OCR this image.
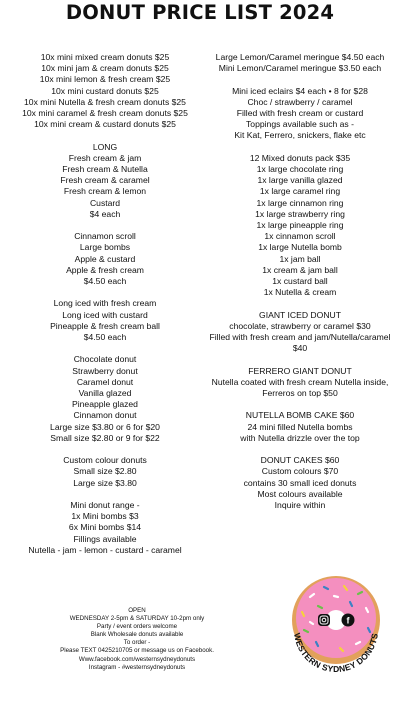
DONUT PRICE LIST 2024
10x mini mixed cream donuts $25
10x mini jam & cream donuts $25
10x mini lemon & fresh cream $25
10x mini custard donuts $25
10x mini Nutella & fresh cream donuts $25
10x mini caramel & fresh cream donuts $25
10x mini cream & custard donuts $25
LONG
Fresh cream & jam
Fresh cream & Nutella
Fresh cream & caramel
Fresh cream & lemon
Custard
$4 each
Cinnamon scroll
Large bombs
Apple & custard
Apple & fresh cream
$4.50 each
Long iced with fresh cream
Long iced with custard
Pineapple & fresh cream ball
$4.50 each
Chocolate donut
Strawberry donut
Caramel donut
Vanilla glazed
Pineapple glazed
Cinnamon donut
Large size $3.80 or 6 for $20
Small size $2.80 or 9 for $22
Custom colour donuts
Small size $2.80
Large size $3.80
Mini donut range -
1x Mini bombs $3
6x Mini bombs $14
Fillings available
Nutella - jam - lemon - custard - caramel
Large Lemon/Caramel meringue $4.50 each
Mini Lemon/Caramel meringue $3.50 each
Mini iced eclairs $4 each • 8 for $28
Choc / strawberry / caramel
Filled with fresh cream or custard
Toppings available such as -
Kit Kat, Ferrero, snickers, flake etc
12 Mixed donuts pack $35
1x large chocolate ring
1x large vanilla glazed
1x large caramel ring
1x large cinnamon ring
1x large strawberry ring
1x large pineapple ring
1x cinnamon scroll
1x large Nutella bomb
1x jam ball
1x cream & jam ball
1x custard ball
1x Nutella & cream
GIANT ICED DONUT
chocolate, strawberry or caramel $30
Filled with fresh cream and jam/Nutella/caramel
$40
FERRERO GIANT DONUT
Nutella coated with fresh cream Nutella inside,
Ferreros on top $50
NUTELLA BOMB CAKE $60
24 mini filled Nutella bombs
with Nutella drizzle over the top
DONUT CAKES $60
Custom colours $70
contains 30 small iced donuts
Most colours available
Inquire within
OPEN
WEDNESDAY 2-5pm & SATURDAY 10-2pm only
Party / event orders welcome
Blank Wholesale donuts available
To order -
Please TEXT 0425210705 or message us on Facebook.
Www.facebook.com/westernsydneydonuts
Instagram - #westernsydneydonuts
f
WESTERN SYDNEY DONUTS
